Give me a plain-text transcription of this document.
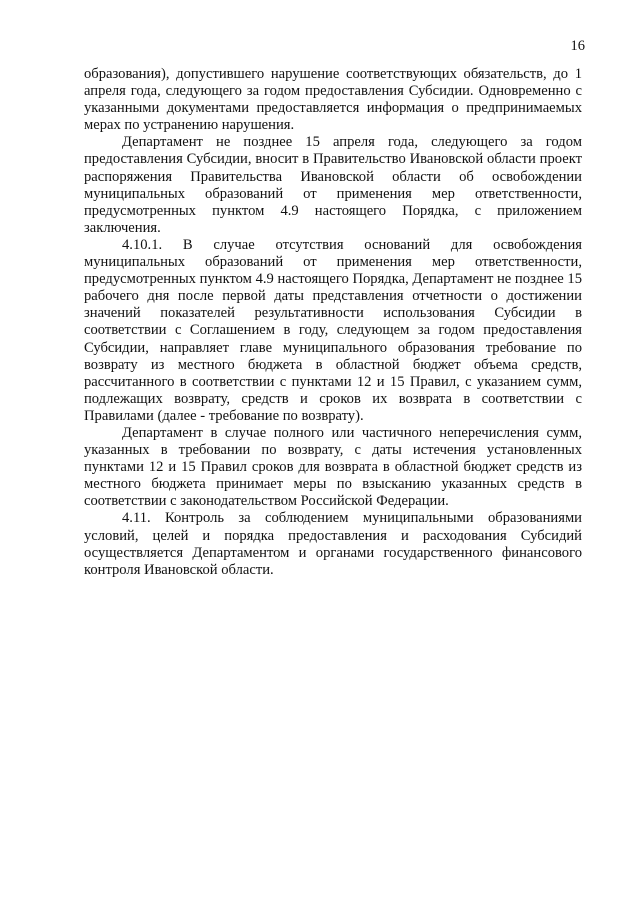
16

образования), допустившего нарушение соответствующих обязательств, до 1 апреля года, следующего за годом предоставления Субсидии. Одновременно с указанными документами предоставляется информация о предпринимаемых мерах по устранению нарушения.

Департамент не позднее 15 апреля года, следующего за годом предоставления Субсидии, вносит в Правительство Ивановской области проект распоряжения Правительства Ивановской области об освобождении муниципальных образований от применения мер ответственности, предусмотренных пунктом 4.9 настоящего Порядка, с приложением заключения.

4.10.1. В случае отсутствия оснований для освобождения муниципальных образований от применения мер ответственности, предусмотренных пунктом 4.9 настоящего Порядка, Департамент не позднее 15 рабочего дня после первой даты представления отчетности о достижении значений показателей результативности использования Субсидии в соответствии с Соглашением в году, следующем за годом предоставления Субсидии, направляет главе муниципального образования требование по возврату из местного бюджета в областной бюджет объема средств, рассчитанного в соответствии с пунктами 12 и 15 Правил, с указанием сумм, подлежащих возврату, средств и сроков их возврата в соответствии с Правилами (далее - требование по возврату).

Департамент в случае полного или частичного неперечисления сумм, указанных в требовании по возврату, с даты истечения установленных пунктами 12 и 15 Правил сроков для возврата в областной бюджет средств из местного бюджета принимает меры по взысканию указанных средств в соответствии с законодательством Российской Федерации.

4.11. Контроль за соблюдением муниципальными образованиями условий, целей и порядка предоставления и расходования Субсидий осуществляется Департаментом и органами государственного финансового контроля Ивановской области.
